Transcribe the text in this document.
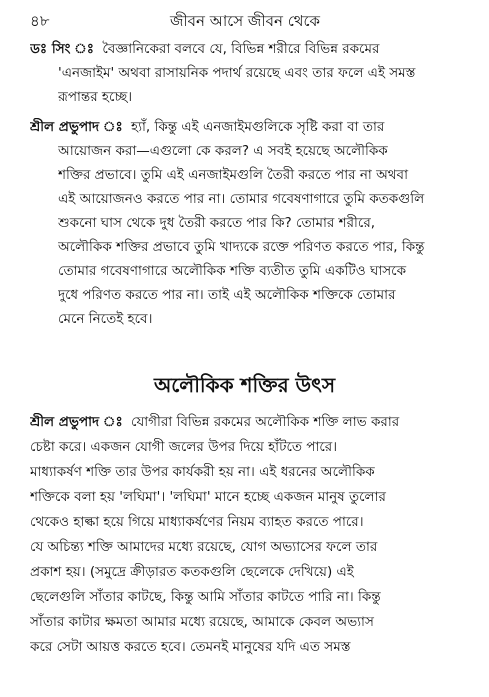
৪৮	জীবন আসে জীবন থেকে
ডঃ সিং ঃ বৈজ্ঞানিকেরা বলবে যে, বিভিন্ন শরীরে বিভিন্ন রকমের
'এনজাইম' অথবা রাসায়নিক পদার্থ রয়েছে এবং তার ফলে এই সমস্ত
রূপান্তর হচ্ছে।
শ্রীল প্রভুপাদ ঃ হ্যাঁ, কিন্তু এই এনজাইমগুলিকে সৃষ্টি করা বা তার
আয়োজন করা—এগুলো কে করল? এ সবই হয়েছে অলৌকিক
শক্তির প্রভাবে। তুমি এই এনজাইমগুলি তৈরী করতে পার না অথবা
এই আয়োজনও করতে পার না। তোমার গবেষণাগারে তুমি কতকগুলি
শুকনো ঘাস থেকে দুধ তৈরী করতে পার কি? তোমার শরীরে,
অলৌকিক শক্তির প্রভাবে তুমি খাদ্যকে রক্তে পরিণত করতে পার, কিন্তু
তোমার গবেষণাগারে অলৌকিক শক্তি ব্যতীত তুমি একটিও ঘাসকে
দুধে পরিণত করতে পার না। তাই এই অলৌকিক শক্তিকে তোমার
মেনে নিতেই হবে।
অলৌকিক শক্তির উৎস
শ্রীল প্রভুপাদ ঃ যোগীরা বিভিন্ন রকমের অলৌকিক শক্তি লাভ করার
চেষ্টা করে। একজন যোগী জলের উপর দিয়ে হাঁটতে পারে।
মাধ্যাকর্ষণ শক্তি তার উপর কার্যকরী হয় না। এই ধরনের অলৌকিক
শক্তিকে বলা হয় 'লঘিমা'। 'লঘিমা' মানে হচ্ছে একজন মানুষ তুলোর
থেকেও হাল্কা হয়ে গিয়ে মাধ্যাকর্ষণের নিয়ম ব্যাহত করতে পারে।
যে অচিন্ত্য শক্তি আমাদের মধ্যে রয়েছে, যোগ অভ্যাসের ফলে তার
প্রকাশ হয়। (সমুদ্রে ক্রীড়ারত কতকগুলি ছেলেকে দেখিয়ে) এই
ছেলেগুলি সাঁতার কাটছে, কিন্তু আমি সাঁতার কাটতে পারি না। কিন্তু
সাঁতার কাটার ক্ষমতা আমার মধ্যে রয়েছে, আমাকে কেবল অভ্যাস
করে সেটা আয়ত্ত করতে হবে। তেমনই মানুষের যদি এত সমস্ত
